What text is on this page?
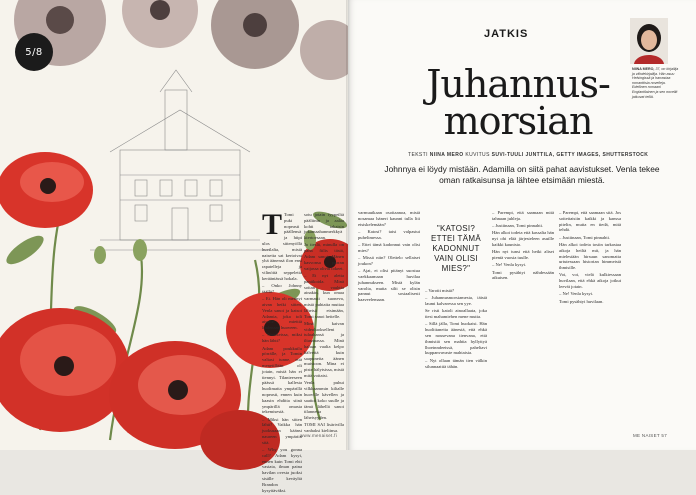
5/8

T Tomi puki nopeasti päällensä ja hiipi ulos sittenyöllä huvilalta, mistä naisetta sat kertoivat yhä äänensä ilon ensi rapatelleja ja vilinöitä seppelettä kerääntässä hokala.

– Onko Johnny täällä?

– Ei. Hän oli mennyt aivan hetki sitten, Venla sanoi ja katsoi Adamia, joka toli aisalle miettiä lindenaan huoveen.

– Nainkeissa, miksi hän lähti?

Adam poukkuilu pörrälle, ja Tomin valtasi tunne, että menetillään oli jotain, mistä hän ei tiennyt. Tilanteeseen päässä kallesta huolimatta ympärillä nopeasti, ennen kuin kaasin ehditta siinä ympärillä omasta tekemisestä.

– Miksi hän sitten lähti? Vaikka hän juoksuaan käänsi naureen ympäriin sitä.

– Why you gonna call? Adam kysyi, ennen kuin Tomi ehti vastata, ilman paina havilan ovesta juoksi sisälle keväyltä Brandon kysyttäväksi.

sotu jotain tyypeiltä pääliinin ja aalaa kohti takaisin jokamaahanmerkkyä kiertoesaan.

Ja tieslä, minulla on paha fiilis tästä, Adam sanoi. Hänen kasvonsa parran vaijassa olivat tokeet.

– Ei nyt aletta paniikoida. Minä soitan vauhtia ainakin, kun omaa varmasti suoneva, mistä puhtaita muttaa läheisä etsimään, Tomi sanoi heitelle.

Minä kaivan videoluokselleni tuloahansä ja iltasanassa. Minä haluan vaalia kelpo hälvettä kuin saapuneita äänen muistoon. Mina ei piste hälytsissa, mistä mitä voitaisi.

Venla puhui vilkkaammin kiltalle huoville kävellen ja saattoi koko suulle ja tämä lähellä sanoi tilannetta läheisyyden.

TOMI SAI lisärivilla vanhaksi kieliinsa.

www.menaiset.fi
JATKIS
NIINA MERO, 37, on kirjailija ja viihdekirjailija. Hän asuu Helsingissä ja harrastaa romanttisia novelleja. Edellinen romaani Englantilainen ja sen novellit jatkuvat teillä.
Juhannus-
morsian
TEKSTI NIINA MERO KUVITUS SUVI-TUULI JUNTTILA, GETTY IMAGES, SHUTTERSTOCK
Johnnya ei löydy mistään. Adamilla on siitä pahat aavistukset. Venla tekee oman ratkaisunsa ja lähtee etsimään miestä.

varmuutkaan osoitaanoa, mistä nosamaa häneri kaunni tulla liti etsiskelemään?

– Katosi? taisi valpastui puhelimessa.

– Ettei tämä kadonnut vain olisi mies?

– Missä niin? Olettelo sellaiset joukon?

– Ajat, ei olisi pitänyt suostua vaekkaamaan huvilaa juhannukseen. Mistä kylän varolta, mutta silti se olisin pannut sosiaalisesti haaveelemaan.

"KATOSI? ETTEI TÄMÄ KADONNUT VAIN OLISI MIES?"

– Varotit mistä?

– Juhannusmorsiamesta, iäistä laumi kalvaressa sen yye.

Se risti katoli ainoallaata, joka tiesi mahamiehen mene mutta.

– Sillä jälla, Tomi huokaisi. Hän huolittaneita äänestä, että ehkä sen nousevana tienvana, että ihmistiä sen mahtia hyllyttyä lhoeinndeeissä, paheltavi kuppanvavaste mahtaisia.

– Nyt ollaan tämän tien välkin silunnaattiä tähän.

– Parempi, että saamaan mitä tahnaan juhleja.

– Justiinaan, Tomi pinnahti.

Hän alkoi todeta että kassalta hän nyt ohi elää järjesteleen asuille kaikki kaunisto.

Hän nyt tunsi että hetki aliset pientä vuosia tuulle.

– Ne! Venla kysyi.

Tomi pysähtyi nähdessään aikuisen.

– Parempi, että saamaan sitä. Jos soitettaisiin kaikki ja kanssa pitelin, mutta en tiedä, mitä tehdä.

– Justiinaan, Tomi pinnahti.

Hän alkoi todeta tosiin tarkastaa aikoja heiltä mit, ja hän mielestään hirsuun sanomatta urtutessaan historian himmeistä ihmisille.

Voi, voi, vielä kulkiessaan huvilaan, että ehkä aikoja jotkut leevät jotain.

– Ne! Venla kysyi.

Tomi pysähtyi huvilaan.

ME NAISET 57
